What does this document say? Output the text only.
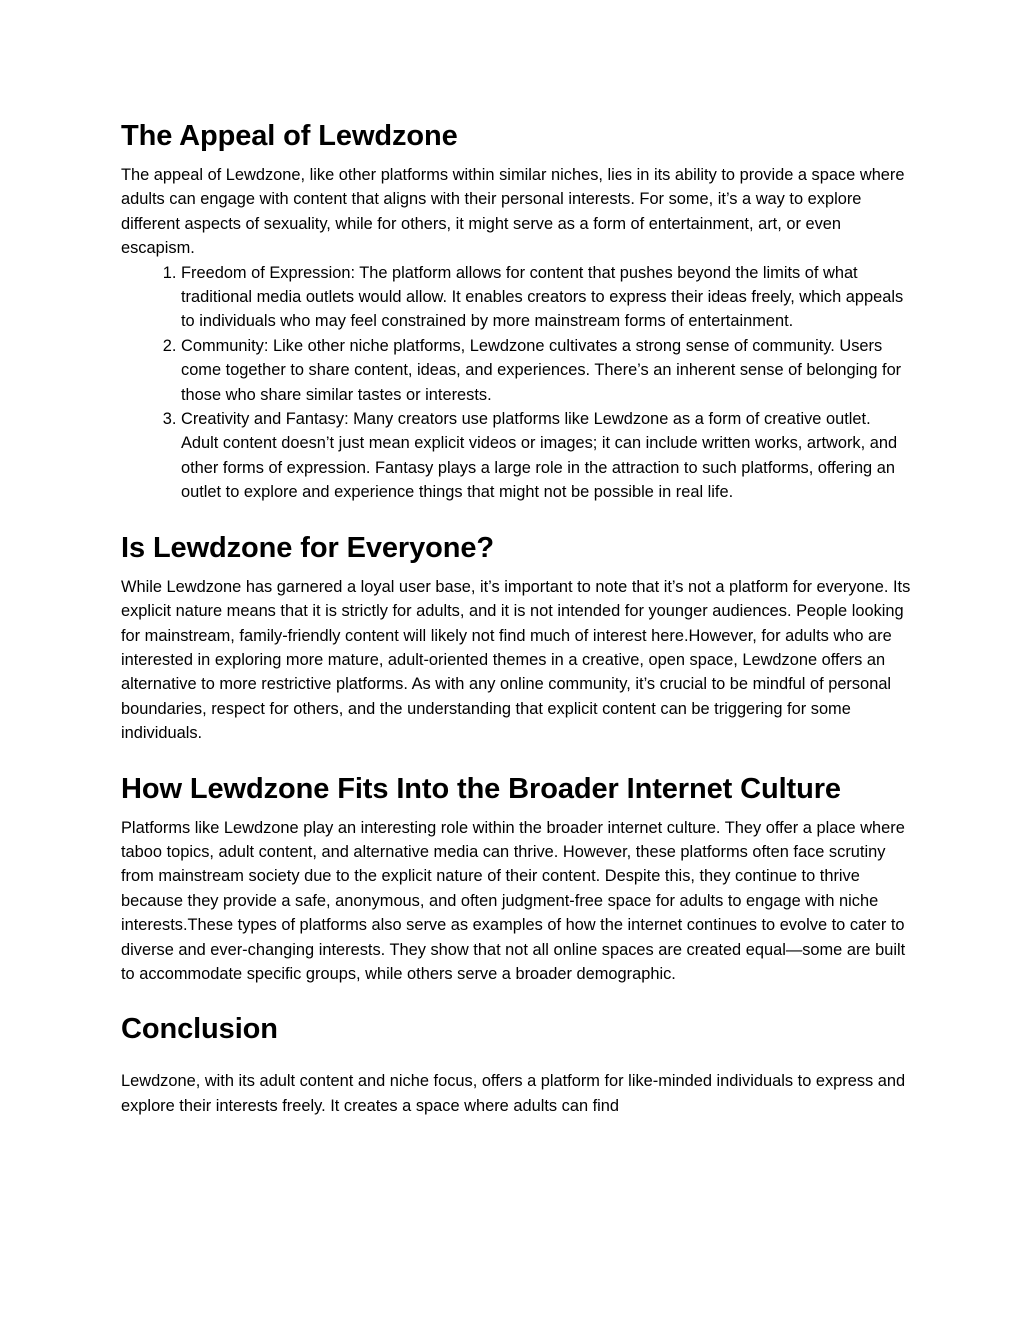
The Appeal of Lewdzone

The appeal of Lewdzone, like other platforms within similar niches, lies in its ability to provide a space where adults can engage with content that aligns with their personal interests. For some, it’s a way to explore different aspects of sexuality, while for others, it might serve as a form of entertainment, art, or even escapism.

1. Freedom of Expression: The platform allows for content that pushes beyond the limits of what traditional media outlets would allow. It enables creators to express their ideas freely, which appeals to individuals who may feel constrained by more mainstream forms of entertainment.
2. Community: Like other niche platforms, Lewdzone cultivates a strong sense of community. Users come together to share content, ideas, and experiences. There’s an inherent sense of belonging for those who share similar tastes or interests.
3. Creativity and Fantasy: Many creators use platforms like Lewdzone as a form of creative outlet. Adult content doesn’t just mean explicit videos or images; it can include written works, artwork, and other forms of expression. Fantasy plays a large role in the attraction to such platforms, offering an outlet to explore and experience things that might not be possible in real life.
Is Lewdzone for Everyone?

While Lewdzone has garnered a loyal user base, it’s important to note that it’s not a platform for everyone. Its explicit nature means that it is strictly for adults, and it is not intended for younger audiences. People looking for mainstream, family-friendly content will likely not find much of interest here.However, for adults who are interested in exploring more mature, adult-oriented themes in a creative, open space, Lewdzone offers an alternative to more restrictive platforms. As with any online community, it’s crucial to be mindful of personal boundaries, respect for others, and the understanding that explicit content can be triggering for some individuals.

How Lewdzone Fits Into the Broader Internet Culture

Platforms like Lewdzone play an interesting role within the broader internet culture. They offer a place where taboo topics, adult content, and alternative media can thrive. However, these platforms often face scrutiny from mainstream society due to the explicit nature of their content. Despite this, they continue to thrive because they provide a safe, anonymous, and often judgment-free space for adults to engage with niche interests.These types of platforms also serve as examples of how the internet continues to evolve to cater to diverse and ever-changing interests. They show that not all online spaces are created equal—some are built to accommodate specific groups, while others serve a broader demographic.

Conclusion

Lewdzone, with its adult content and niche focus, offers a platform for like-minded individuals to express and explore their interests freely. It creates a space where adults can find
